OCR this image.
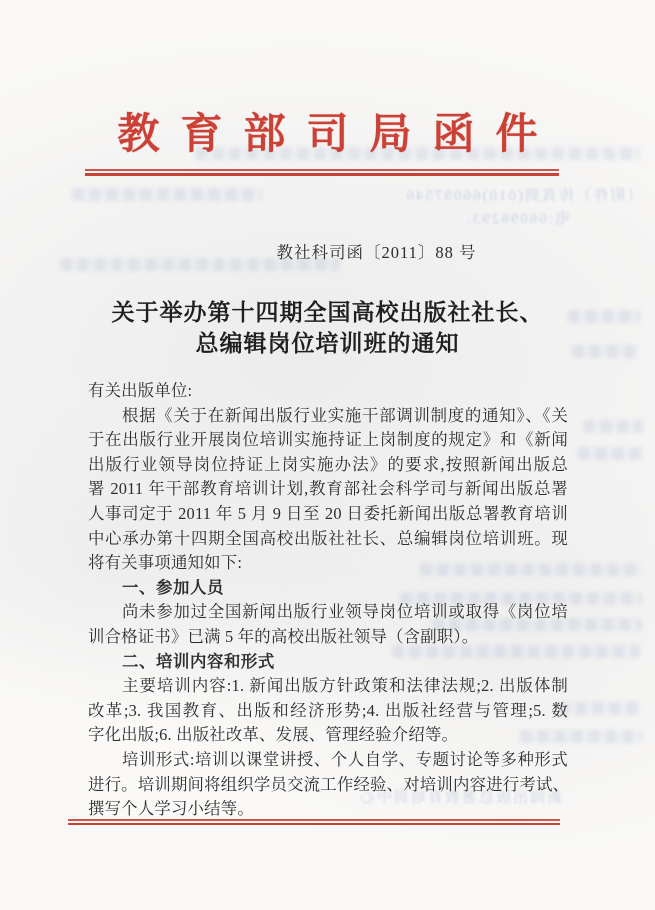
（附件）传真到(010)66097546
电:66096293.
新闻出版总署教育培训中心
教育部司局函件
教社科司函〔2011〕88 号
关于举办第十四期全国高校出版社社长、
总编辑岗位培训班的通知
有关出版单位:
根据《关于在新闻出版行业实施干部调训制度的通知》、《关
于在出版行业开展岗位培训实施持证上岗制度的规定》和《新闻
出版行业领导岗位持证上岗实施办法》的要求,按照新闻出版总
署 2011 年干部教育培训计划,教育部社会科学司与新闻出版总署
人事司定于 2011 年 5 月 9 日至 20 日委托新闻出版总署教育培训
中心承办第十四期全国高校出版社社长、总编辑岗位培训班。现
将有关事项通知如下:
一、参加人员
尚未参加过全国新闻出版行业领导岗位培训或取得《岗位培
训合格证书》已满 5 年的高校出版社领导（含副职）。
二、培训内容和形式
主要培训内容:1. 新闻出版方针政策和法律法规;2. 出版体制
改革;3. 我国教育、出版和经济形势;4. 出版社经营与管理;5. 数
字化出版;6. 出版社改革、发展、管理经验介绍等。
培训形式:培训以课堂讲授、个人自学、专题讨论等多种形式
进行。培训期间将组织学员交流工作经验、对培训内容进行考试、
撰写个人学习小结等。
